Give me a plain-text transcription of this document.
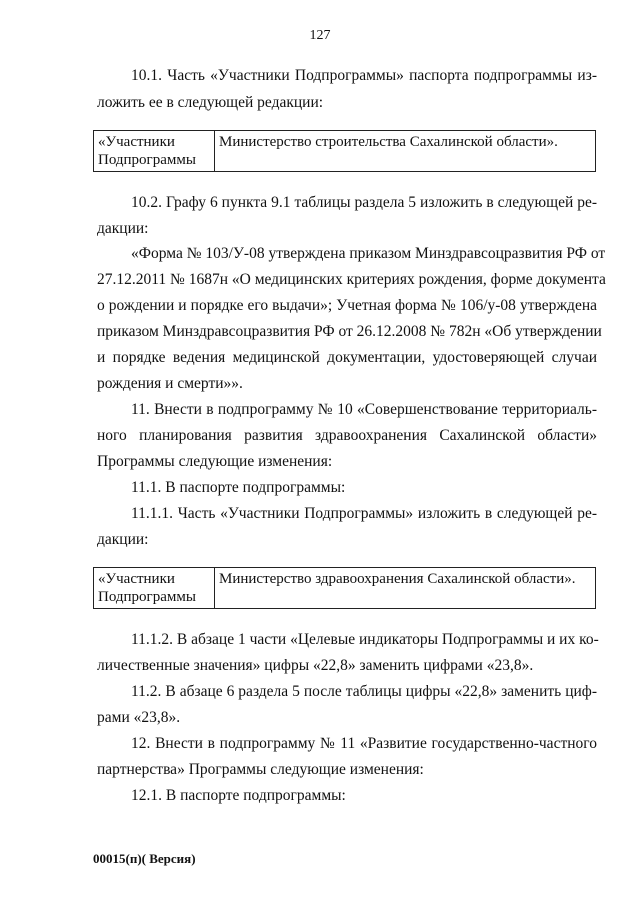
127
10.1. Часть «Участники Подпрограммы» паспорта подпрограммы из-
ложить ее в следующей редакции:
«Участники
Подпрограммы
	Министерство строительства Сахалинской области».
10.2. Графу 6 пункта 9.1 таблицы раздела 5 изложить в следующей ре-
дакции:
«Форма № 103/У-08 утверждена приказом Минздравсоцразвития РФ от
27.12.2011 № 1687н «О медицинских критериях рождения, форме документа
о рождении и порядке его выдачи»; Учетная форма № 106/у-08 утверждена
приказом Минздравсоцразвития РФ от 26.12.2008 № 782н «Об утверждении
и порядке ведения медицинской документации, удостоверяющей случаи
рождения и смерти»».
11. Внести в подпрограмму № 10 «Совершенствование территориаль-
ного планирования развития здравоохранения Сахалинской области»
Программы следующие изменения:
11.1. В паспорте подпрограммы:
11.1.1. Часть «Участники Подпрограммы» изложить в следующей ре-
дакции:
«Участники
Подпрограммы
	Министерство здравоохранения Сахалинской области».
11.1.2. В абзаце 1 части «Целевые индикаторы Подпрограммы и их ко-
личественные значения» цифры «22,8» заменить цифрами «23,8».
11.2. В абзаце 6 раздела 5 после таблицы цифры «22,8» заменить циф-
рами «23,8».
12. Внести в подпрограмму № 11 «Развитие государственно-частного
партнерства» Программы следующие изменения:
12.1. В паспорте подпрограммы:
00015(п)( Версия)
